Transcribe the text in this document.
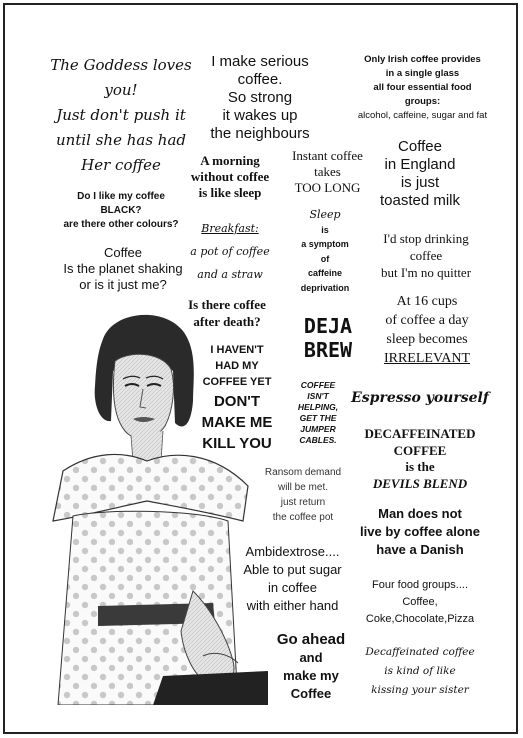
The Goddess loves
you!
Just don't push it
until she has had
Her coffee
Do I like my coffee
BLACK?
are there other colours?
Coffee
Is the planet shaking
or is it just me?
I make serious
coffee.
So strong
it wakes up
the neighbours
A morning
without coffee
is like sleep
Instant coffee
takes
TOO LONG
Breakfast:
a pot of coffee
and a straw
Sleep
is
a symptom
of
caffeine
deprivation
Is there coffee
after death?	DEJA
BREW
I HAVEN'T
HAD MY
COFFEE YET
DON'T
MAKE ME
KILL YOU
COFFEE
ISN'T
HELPING,
GET THE
JUMPER
CABLES.
Ransom demand
will be met.
just return
the coffee pot
Ambidextrose....
Able to put sugar
in coffee
with either hand
Go ahead
and
make my
Coffee
Only Irish coffee provides
in a single glass
all four essential food
groups:
alcohol, caffeine, sugar and fat
Coffee
in England
is just
toasted milk
I'd stop drinking
coffee
but I'm no quitter
At 16 cups
of coffee a day
sleep becomes
IRRELEVANT
Espresso yourself
DECAFFEINATED
COFFEE
is the
DEVILS BLEND
Man does not
live by coffee alone
have a Danish
Four food groups....
Coffee,
Coke,Chocolate,Pizza
Decaffeinated coffee
is kind of like
kissing your sister
